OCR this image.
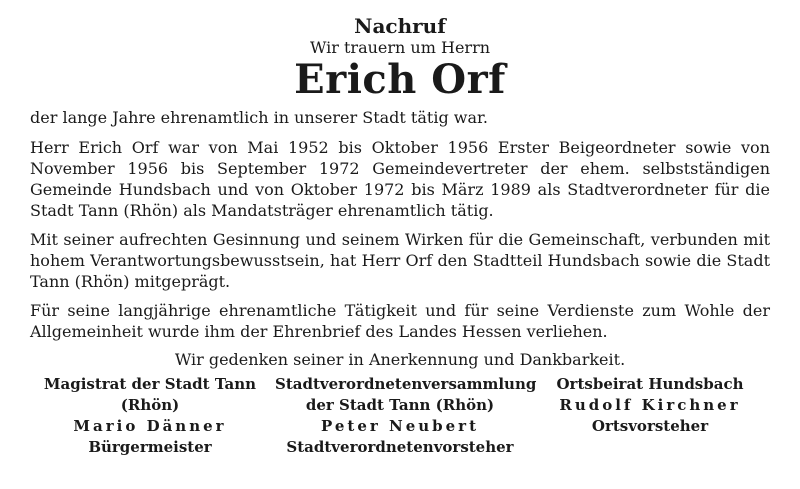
Nachruf
Wir trauern um Herrn
Erich Orf
der lange Jahre ehrenamtlich in unserer Stadt tätig war.
Herr Erich Orf war von Mai 1952 bis Oktober 1956 Erster Beigeordneter sowie von November 1956 bis September 1972 Gemeindevertreter der ehem. selbstständigen Gemeinde Hundsbach und von Oktober 1972 bis März 1989 als Stadtverordneter für die Stadt Tann (Rhön) als Mandatsträger ehrenamtlich tätig.
Mit seiner aufrechten Gesinnung und seinem Wirken für die Gemeinschaft, verbunden mit hohem Verantwortungsbewusstsein, hat Herr Orf den Stadtteil Hundsbach sowie die Stadt Tann (Rhön) mitgeprägt.
Für seine langjährige ehrenamtliche Tätigkeit und für seine Verdienste zum Wohle der Allgemeinheit wurde ihm der Ehrenbrief des Landes Hessen verliehen.
Wir gedenken seiner in Anerkennung und Dankbarkeit.
Magistrat der Stadt Tann (Rhön)
Mario Dänner
Bürgermeister
Stadtverordnetenversammlung
der Stadt Tann (Rhön)
Peter Neubert
Stadtverordnetenvorsteher
Ortsbeirat Hundsbach
Rudolf Kirchner
Ortsvorsteher
